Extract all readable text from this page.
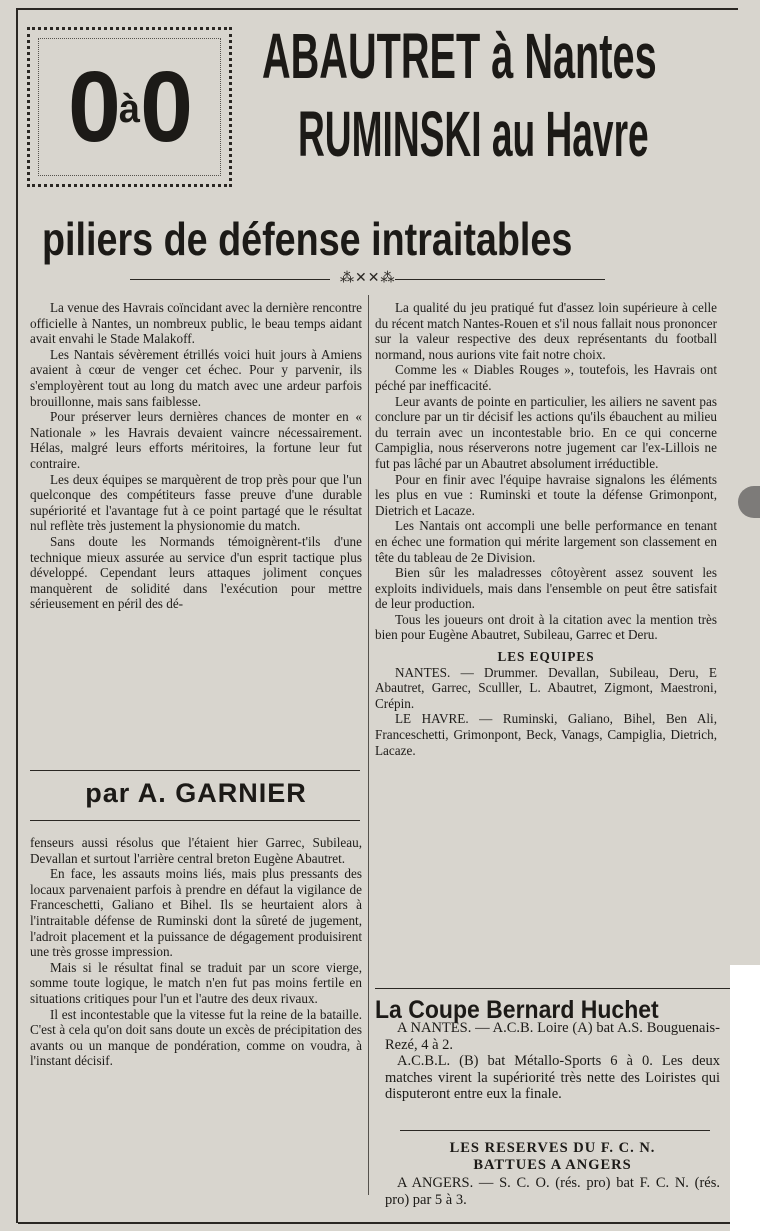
0à0	ABAUTRET à Nantes
RUMINSKI au Havre
piliers de défense intraitables
⁂✕✕⁂

La venue des Havrais coïncidant avec la dernière rencontre officielle à Nantes, un nombreux public, le beau temps aidant avait envahi le Stade Malakoff.

Les Nantais sévèrement étrillés voici huit jours à Amiens avaient à cœur de venger cet échec. Pour y parvenir, ils s'employèrent tout au long du match avec une ardeur parfois brouillonne, mais sans faiblesse.

Pour préserver leurs dernières chances de monter en « Nationale » les Havrais devaient vaincre nécessairement. Hélas, malgré leurs efforts méritoires, la fortune leur fut contraire.

Les deux équipes se marquèrent de trop près pour que l'un quelconque des compétiteurs fasse preuve d'une durable supériorité et l'avantage fut à ce point partagé que le résultat nul reflète très justement la physionomie du match.

Sans doute les Normands témoignèrent-t'ils d'une technique mieux assurée au service d'un esprit tactique plus développé. Cependant leurs attaques joliment conçues manquèrent de solidité dans l'exécution pour mettre sérieusement en péril des dé-

par A. GARNIER

fenseurs aussi résolus que l'étaient hier Garrec, Subileau, Devallan et surtout l'arrière central breton Eugène Abautret.

En face, les assauts moins liés, mais plus pressants des locaux parvenaient parfois à prendre en défaut la vigilance de Franceschetti, Galiano et Bihel. Ils se heurtaient alors à l'intraitable défense de Ruminski dont la sûreté de jugement, l'adroit placement et la puissance de dégagement produisirent une très grosse impression.

Mais si le résultat final se traduit par un score vierge, somme toute logique, le match n'en fut pas moins fertile en situations critiques pour l'un et l'autre des deux rivaux.

Il est incontestable que la vitesse fut la reine de la bataille. C'est à cela qu'on doit sans doute un excès de précipitation des avants ou un manque de pondération, comme on voudra, à l'instant décisif.

La qualité du jeu pratiqué fut d'assez loin supérieure à celle du récent match Nantes-Rouen et s'il nous fallait nous prononcer sur la valeur respective des deux représentants du football normand, nous aurions vite fait notre choix.

Comme les « Diables Rouges », toutefois, les Havrais ont péché par inefficacité.

Leur avants de pointe en particulier, les ailiers ne savent pas conclure par un tir décisif les actions qu'ils ébauchent au milieu du terrain avec un incontestable brio. En ce qui concerne Campiglia, nous réserverons notre jugement car l'ex-Lillois ne fut pas lâché par un Abautret absolument irréductible.

Pour en finir avec l'équipe havraise signalons les éléments les plus en vue : Ruminski et toute la défense Grimonpont, Dietrich et Lacaze.

Les Nantais ont accompli une belle performance en tenant en échec une formation qui mérite largement son classement en tête du tableau de 2e Division.

Bien sûr les maladresses côtoyèrent assez souvent les exploits individuels, mais dans l'ensemble on peut être satisfait de leur production.

Tous les joueurs ont droit à la citation avec la mention très bien pour Eugène Abautret, Subileau, Garrec et Deru.

LES EQUIPES

NANTES. — Drummer. Devallan, Subileau, Deru, E Abautret, Garrec, Sculller, L. Abautret, Zigmont, Maestroni, Crépin.

LE HAVRE. — Ruminski, Galiano, Bihel, Ben Ali, Franceschetti, Grimonpont, Beck, Vanags, Campiglia, Dietrich, Lacaze.

La Coupe Bernard Huchet

A NANTES. — A.C.B. Loire (A) bat A.S. Bouguenais-Rezé, 4 à 2.

A.C.B.L. (B) bat Métallo-Sports 6 à 0. Les deux matches virent la supériorité très nette des Loiristes qui disputeront entre eux la finale.

LES RESERVES DU F. C. N.
BATTUES A ANGERS

A ANGERS. — S. C. O. (rés. pro) bat F. C. N. (rés. pro) par 5 à 3.
